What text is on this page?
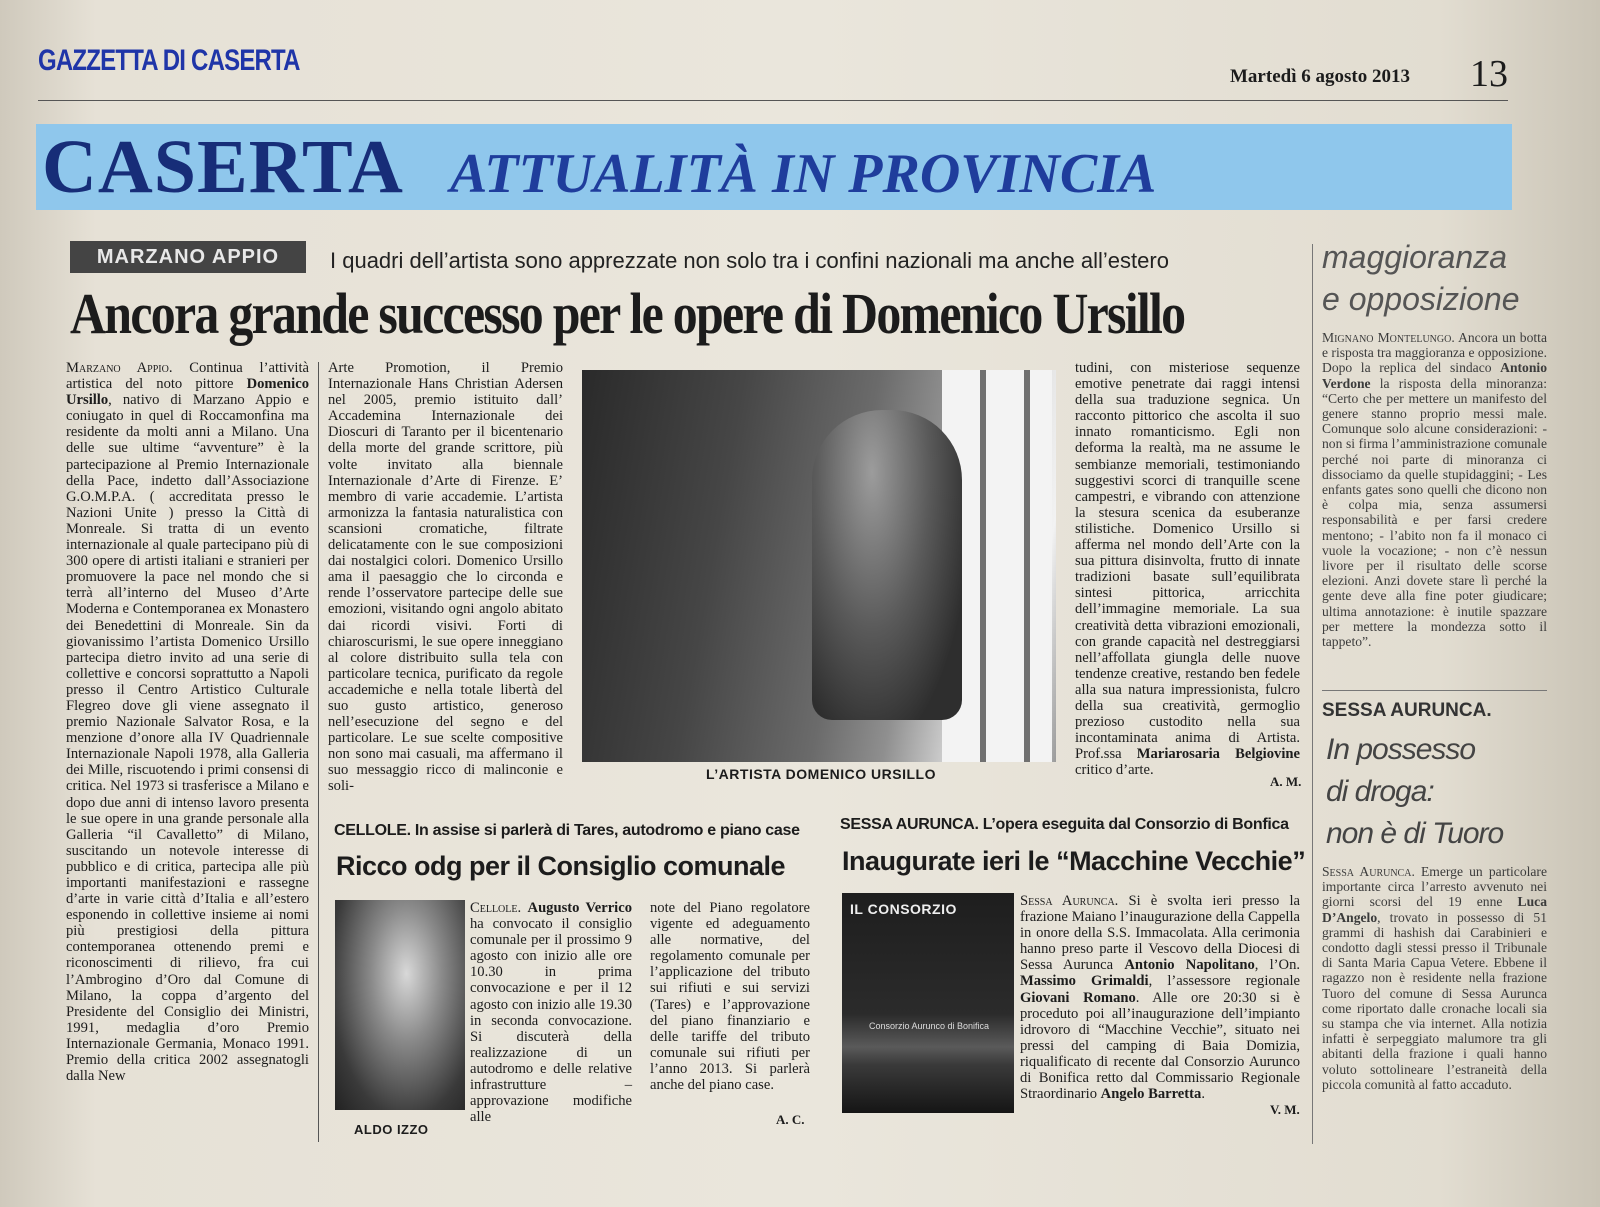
GAZZETTA DI CASERTA	Martedì 6 agosto 2013 13
CASERTA ATTUALITÀ IN PROVINCIA
MARZANO APPIO	I quadri dell’artista sono apprezzate non solo tra i confini nazionali ma anche all’estero
Ancora grande successo per le opere di Domenico Ursillo
Marzano Appio. Continua l’attività artistica del noto pittore Domenico Ursillo, nativo di Marzano Appio e coniugato in quel di Roccamonfina ma residente da molti anni a Milano. Una delle sue ultime “avventure” è la partecipazione al Premio Internazionale della Pace, indetto dall’Associazione G.O.M.P.A. ( accreditata presso le Nazioni Unite ) presso la Città di Monreale. Si tratta di un evento internazionale al quale partecipano più di 300 opere di artisti italiani e stranieri per promuovere la pace nel mondo che si terrà all’interno del Museo d’Arte Moderna e Contemporanea ex Monastero dei Benedettini di Monreale. Sin da giovanissimo l’artista Domenico Ursillo partecipa dietro invito ad una serie di collettive e concorsi soprattutto a Napoli presso il Centro Artistico Culturale Flegreo dove gli viene assegnato il premio Nazionale Salvator Rosa, e la menzione d’onore alla IV Quadriennale Internazionale Napoli 1978, alla Galleria dei Mille, riscuotendo i primi consensi di critica. Nel 1973 si trasferisce a Milano e dopo due anni di intenso lavoro presenta le sue opere in una grande personale alla Galleria “il Cavalletto” di Milano, suscitando un notevole interesse di pubblico e di critica, partecipa alle più importanti manifestazioni e rassegne d’arte in varie città d’Italia e all’estero esponendo in collettive insieme ai nomi più prestigiosi della pittura contemporanea ottenendo premi e riconoscimenti di rilievo, fra cui l’Ambrogino d’Oro dal Comune di Milano, la coppa d’argento del Presidente del Consiglio dei Ministri, 1991, medaglia d’oro Premio Internazionale Germania, Monaco 1991. Premio della critica 2002 assegnatogli dalla New
Arte Promotion, il Premio Internazionale Hans Christian Adersen nel 2005, premio istituito dall’ Accademina Internazionale dei Dioscuri di Taranto per il bicentenario della morte del grande scrittore, più volte invitato alla biennale Internazionale d’Arte di Firenze. E’ membro di varie accademie. L’artista armonizza la fantasia naturalistica con scansioni cromatiche, filtrate delicatamente con le sue composizioni dai nostalgici colori. Domenico Ursillo ama il paesaggio che lo circonda e rende l’osservatore partecipe delle sue emozioni, visitando ogni angolo abitato dai ricordi visivi. Forti di chiaroscurismi, le sue opere inneggiano al colore distribuito sulla tela con particolare tecnica, purificato da regole accademiche e nella totale libertà del suo gusto artistico, generoso nell’esecuzione del segno e del particolare. Le sue scelte compositive non sono mai casuali, ma affermano il suo messaggio ricco di malinconie e soli-
L’ARTISTA DOMENICO URSILLO
tudini, con misteriose sequenze emotive penetrate dai raggi intensi della sua traduzione segnica. Un racconto pittorico che ascolta il suo innato romanticismo. Egli non deforma la realtà, ma ne assume le sembianze memoriali, testimoniando suggestivi scorci di tranquille scene campestri, e vibrando con attenzione la stesura scenica da esuberanze stilistiche. Domenico Ursillo si afferma nel mondo dell’Arte con la sua pittura disinvolta, frutto di innate tradizioni basate sull’equilibrata sintesi pittorica, arricchita dell’immagine memoriale. La sua creatività detta vibrazioni emozionali, con grande capacità nel destreggiarsi nell’affollata giungla delle nuove tendenze creative, restando ben fedele alla sua natura impressionista, fulcro della sua creatività, germoglio prezioso custodito nella sua incontaminata anima di Artista. Prof.ssa Mariarosaria Belgiovine critico d’arte.
A. M.
CELLOLE. In assise si parlerà di Tares, autodromo e piano case
Ricco odg per il Consiglio comunale
ALDO IZZO
Cellole. Augusto Verrico ha convocato il consiglio comunale per il prossimo 9 agosto con inizio alle ore 10.30 in prima convocazione e per il 12 agosto con inizio alle 19.30 in seconda convocazione. Si discuterà della realizzazione di un autodromo e delle relative infrastrutture – approvazione modifiche alle
note del Piano regolatore vigente ed adeguamento alle normative, del regolamento comunale per l’applicazione del tributo sui rifiuti e sui servizi (Tares) e l’approvazione del piano finanziario e delle tariffe del tributo comunale sui rifiuti per l’anno 2013. Si parlerà anche del piano case.
A. C.
SESSA AURUNCA. L’opera eseguita dal Consorzio di Bonfica
Inaugurate ieri le “Macchine Vecchie”
IL CONSORZIO
Consorzio Aurunco di Bonifica
Sessa Aurunca. Si è svolta ieri presso la frazione Maiano l’inaugurazione della Cappella in onore della S.S. Immacolata. Alla cerimonia hanno preso parte il Vescovo della Diocesi di Sessa Aurunca Antonio Napolitano, l’On. Massimo Grimaldi, l’assessore regionale Giovani Romano. Alle ore 20:30 si è proceduto poi all’inaugurazione dell’impianto idrovoro di “Macchine Vecchie”, situato nei pressi del camping di Baia Domizia, riqualificato di recente dal Consorzio Aurunco di Bonifica retto dal Commissario Regionale Straordinario Angelo Barretta.
V. M.
maggioranza
e opposizione
Mignano Montelungo. Ancora un botta e risposta tra maggioranza e opposizione. Dopo la replica del sindaco Antonio Verdone la risposta della minoranza: “Certo che per mettere un manifesto del genere stanno proprio messi male. Comunque solo alcune considerazioni: - non si firma l’amministrazione comunale perché noi parte di minoranza ci dissociamo da quelle stupidaggini; - Les enfants gates sono quelli che dicono non è colpa mia, senza assumersi responsabilità e per farsi credere mentono; - l’abito non fa il monaco ci vuole la vocazione; - non c’è nessun livore per il risultato delle scorse elezioni. Anzi dovete stare lì perché la gente deve alla fine poter giudicare; ultima annotazione: è inutile spazzare per mettere la mondezza sotto il tappeto”.
SESSA AURUNCA.
In possesso
di droga:
non è di Tuoro
Sessa Aurunca. Emerge un particolare importante circa l’arresto avvenuto nei giorni scorsi del 19 enne Luca D’Angelo, trovato in possesso di 51 grammi di hashish dai Carabinieri e condotto dagli stessi presso il Tribunale di Santa Maria Capua Vetere. Ebbene il ragazzo non è residente nella frazione Tuoro del comune di Sessa Aurunca come riportato dalle cronache locali sia su stampa che via internet. Alla notizia infatti è serpeggiato malumore tra gli abitanti della frazione i quali hanno voluto sottolineare l’estraneità della piccola comunità al fatto accaduto.
